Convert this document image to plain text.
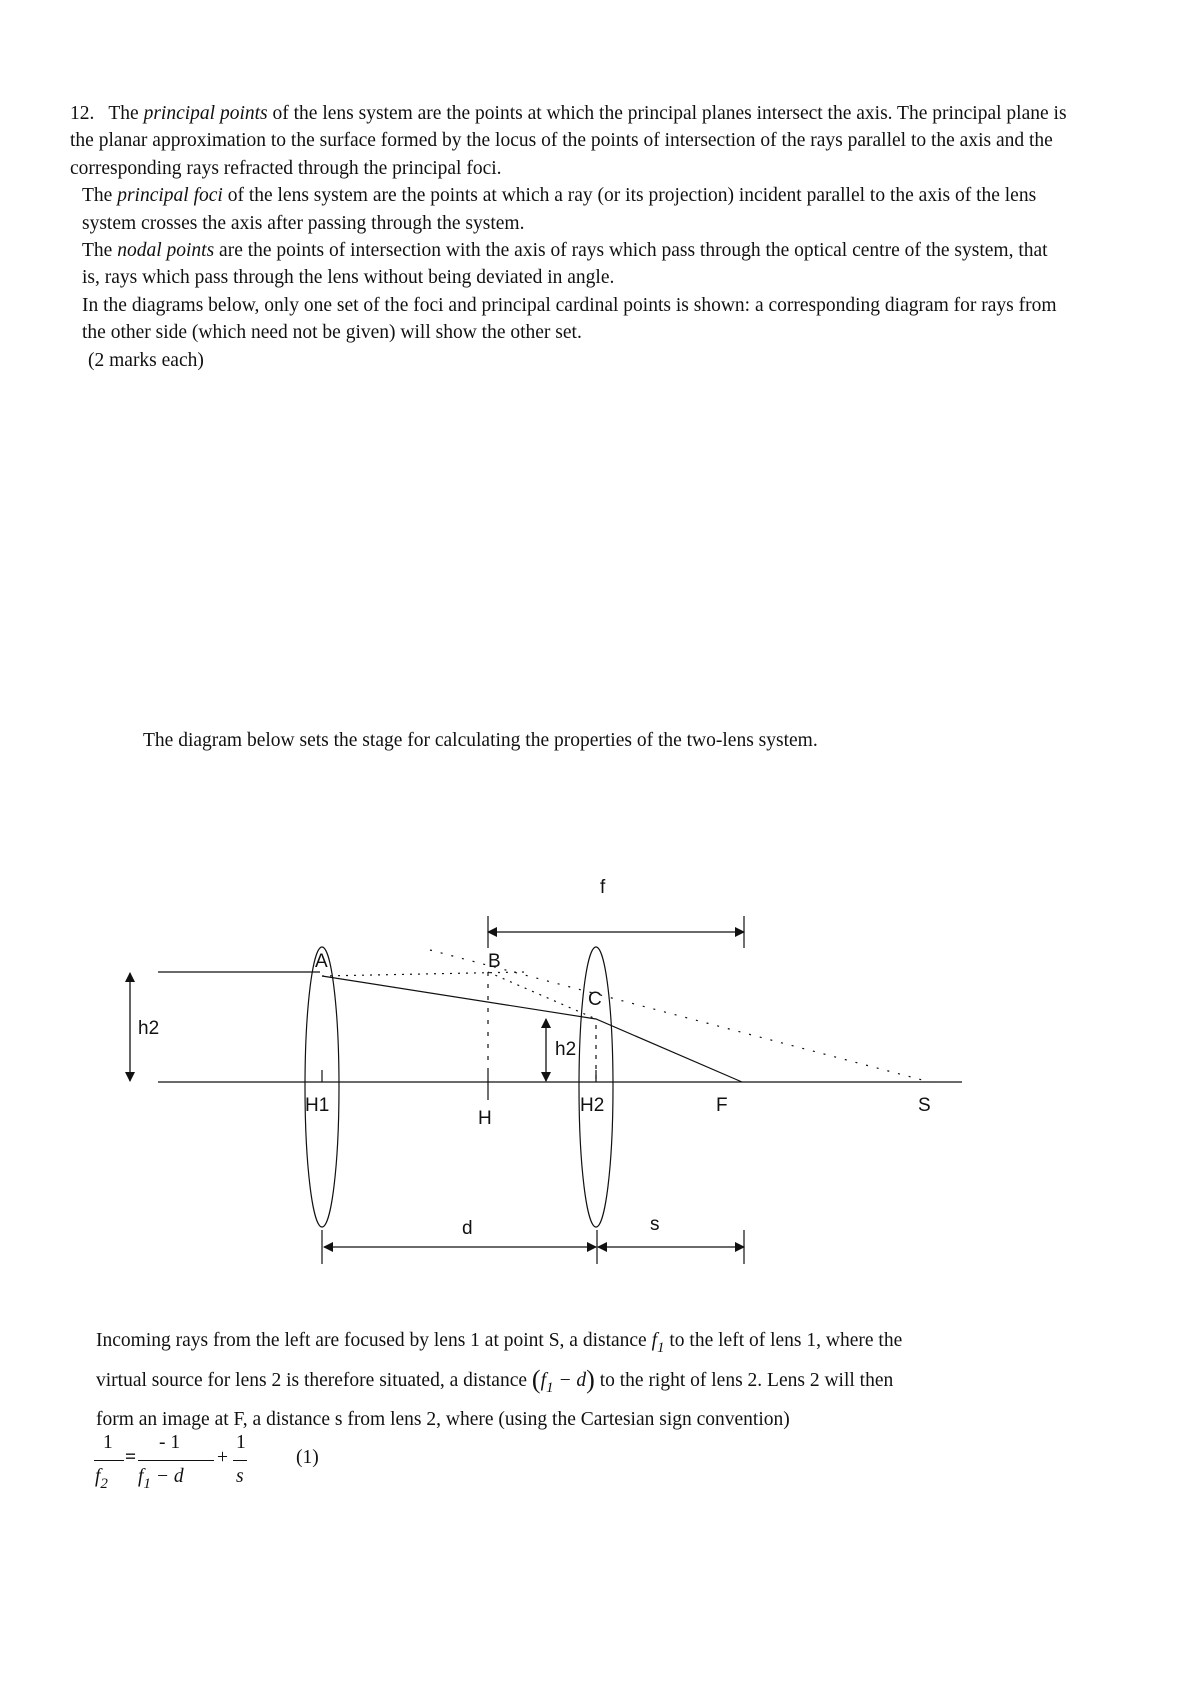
12. The principal points of the lens system are the points at which the principal planes intersect the axis. The principal plane is the planar approximation to the surface formed by the locus of the points of intersection of the rays parallel to the axis and the corresponding rays refracted through the principal foci.

The principal foci of the lens system are the points at which a ray (or its projection) incident parallel to the axis of the lens system crosses the axis after passing through the system.

The nodal points are the points of intersection with the axis of rays which pass through the optical centre of the system, that is, rays which pass through the lens without being deviated in angle.

In the diagrams below, only one set of the foci and principal cardinal points is shown: a corresponding diagram for rays from the other side (which need not be given) will show the other set.

(2 marks each)

The diagram below sets the stage for calculating the properties of the two-lens system.
f
A	B
C
h2
h2
H1
H
H2	F	S
d	s

Incoming rays from the left are focused by lens 1 at point S, a distance $f_1$ to the left of lens 1, where the

virtual source for lens 2 is therefore situated, a distance $(f_1 - d)$ to the right of lens 2. Lens 2 will then

form an image at F, a distance s from lens 2, where (using the Cartesian sign convention)

1
$f_2$
=
- 1
$f_1 - d$
+
1
s
(1)
